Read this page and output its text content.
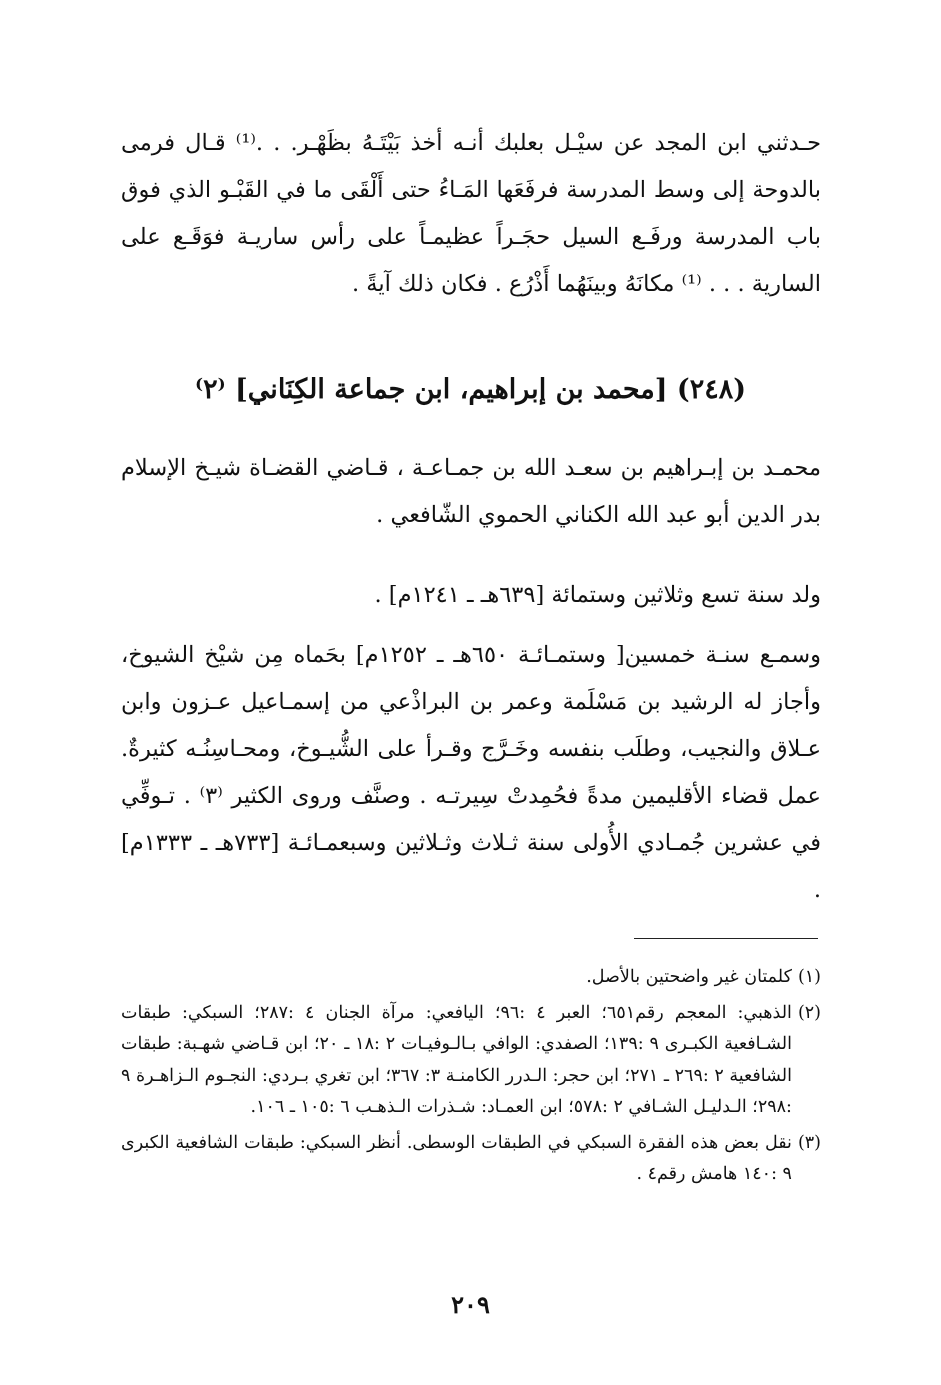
حـدثني ابن المجد عن سيْـل بعلبك أنـه أخذ بَيْتَـهُ بظَهْـر. . .⁽¹⁾ قـال فرمى بالدوحة إلى وسط المدرسة فرفَعَها المَـاءُ حتى أَلْقَى ما في القَبْـو الذي فوق باب المدرسة ورفَـع السيل حجَـراً عظيمـاً على رأس ساريـة فوَقَـع على السارية . . . ⁽¹⁾ مكانَهُ وبينَهُما أَذْرُع . فكان ذلك آيةً .

(٢٤٨) [محمد بن إبراهيم، ابن جماعة الكِنَاني] ⁽٢⁾

محمـد بن إبـراهيم بن سعـد الله بن جمـاعـة ، قـاضي القضـاة شيـخ الإسلام بدر الدين أبو عبد الله الكناني الحموي الشّافعي .

ولد سنة تسع وثلاثين وستمائة [٦٣٩هـ ـ ١٢٤١م] .

وسمـع سنـة خمسين[ وستمـائـة ٦٥٠هـ ـ ١٢٥٢م] بحَماه مِن شيْخ الشيوخ، وأجاز له الرشيد بن مَسْلَمة وعمر بن البراذْعي من إسمـاعيل عـزون وابن عـلاق والنجيب، وطلَب بنفسه وخَـرَّج وقـرأ على الشُّيـوخ، ومحـاسِنُـه كثيرةٌ. عمل قضاء الأقليمين مدةً فحُمِدتْ سِيرتـه . وصنَّف وروى الكثير ⁽٣⁾ . تـوفِّي في عشرين جُمـادي الأُولى سنة ثـلاث وثـلاثين وسبعمـائـة [٧٣٣هـ ـ ١٣٣٣م] .

(١)
كلمتان غير واضحتين بالأصل.
(٢)
الذهبي: المعجم رقم٦٥١؛ العبر ٤ :٩٦؛ اليافعي: مرآة الجنان ٤ :٢٨٧؛ السبكي: طبقات الشـافعية الكبـرى ٩ :١٣٩؛ الصفدي: الوافي بـالـوفيـات ٢ :١٨ ـ ٢٠؛ ابن قـاضي شهـبة: طبقات الشافعية ٢ :٢٦٩ ـ ٢٧١؛ ابن حجر: الـدرر الكامنـة ٣: ٣٦٧؛ ابن تغري بـردي: النجـوم الـزاهـرة ٩ :٢٩٨؛ الـدليـل الشـافي ٢ :٥٧٨؛ ابن العمـاد: شـذرات الـذهـب ٦ :١٠٥ ـ ١٠٦.
(٣)
نقل بعض هذه الفقرة السبكي في الطبقات الوسطى. أنظر السبكي: طبقات الشافعية الكبرى ٩ :١٤٠ هامش رقم٤ .
٢٠٩
